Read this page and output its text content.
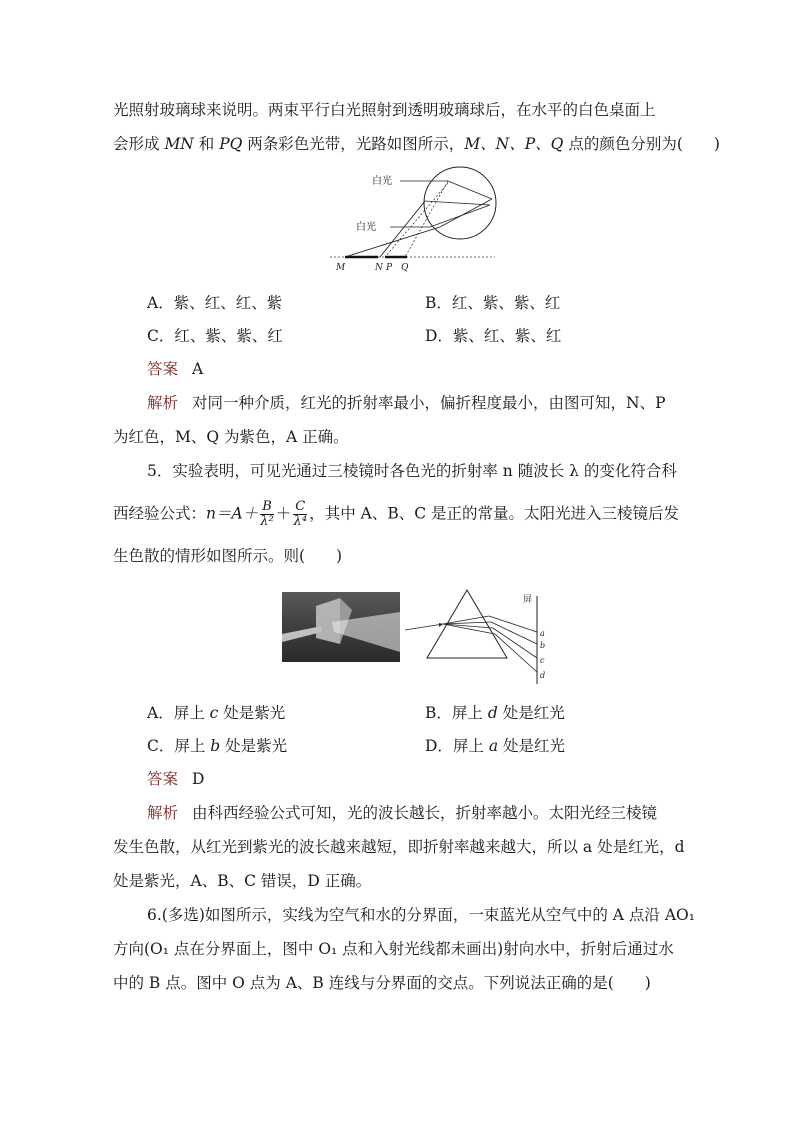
光照射玻璃球来说明。两束平行白光照射到透明玻璃球后，在水平的白色桌面上
会形成 MN 和 PQ 两条彩色光带，光路如图所示，M、N、P、Q 点的颜色分别为(　　)
白光
白光
M	N P Q
A．紫、红、红、紫	B．红、紫、紫、红
C．红、紫、紫、红	D．紫、红、紫、红
答案 A
解析 对同一种介质，红光的折射率最小，偏折程度最小，由图可知，N、P
为红色，M、Q 为紫色，A 正确。
5．实验表明，可见光通过三棱镜时各色光的折射率 n 随波长 λ 的变化符合科
西经验公式：$n=A+ \frac{B}{\text{λ²}} + \frac{C}{\text{λ⁴}}$ ，其中 A、B、C 是正的常量。太阳光进入三棱镜后发
生色散的情形如图所示。则(　　)
屏
a
b
c
d
A．屏上 c 处是紫光	B．屏上 d 处是红光
C．屏上 b 处是紫光	D．屏上 a 处是红光
答案 D
解析 由科西经验公式可知，光的波长越长，折射率越小。太阳光经三棱镜
发生色散，从红光到紫光的波长越来越短，即折射率越来越大，所以 a 处是红光，d
处是紫光，A、B、C 错误，D 正确。
6.(多选)如图所示，实线为空气和水的分界面，一束蓝光从空气中的 A 点沿 AO₁
方向(O₁ 点在分界面上，图中 O₁ 点和入射光线都未画出)射向水中，折射后通过水
中的 B 点。图中 O 点为 A、B 连线与分界面的交点。下列说法正确的是(　　)
